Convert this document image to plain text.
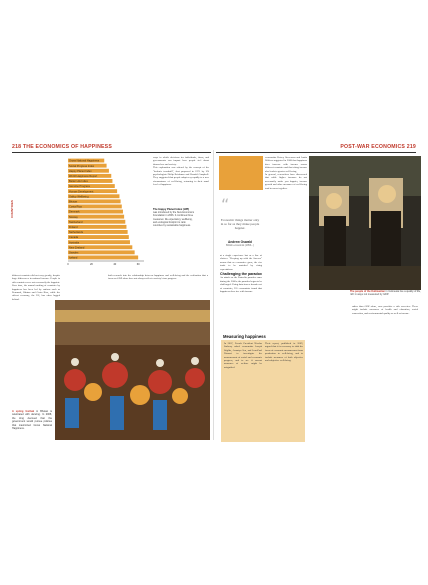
218 THE ECONOMICS OF HAPPINESS	POST-WAR ECONOMICS 219
COUNTRIES
Gross National Happiness
Social Progress Index
Happy Planet Index
World Happiness Report
Better Life Index
Genuine Progress
Human Development
Gallup Wellbeing
Bhutan
Costa Rica
Denmark
Norway
Switzerland
Finland
Netherlands
Canada
Australia
New Zealand
Sweden
Iceland
0	20	40	60
The Happy Planet Index (HPI)
was introduced by the New Economics Foundation in 2006. It combines three measures: life expectancy, wellbeing, and ecological footprint to rank countries by sustainable happiness.
different countries did not vary greatly, despite huge differences in national income. People in rich countries were not necessarily the happiest.
Over time, the annual ranking of countries by happiness has been led by nations such as Denmark, Bhutan and Costa Rica, while the richest economy, the US, has often lagged behind.
ways in which decisions for individuals, firms, and governments can impact how people feel about themselves and society.
This exploration was offered by the concept of the "hedonic treadmill", first proposed in 1971 by US psychologists Philip Brickman and Donald Campbell. They suggested that people adapt very rapidly to a new circumstance of well-being, returning to their usual level of happiness.
both research into the relationship between happiness and well-being and the realization that a focus on GDP alone does not always reflect a society's true progress.
A spring festival in Bhutan is celebrated with dancing. In 2008, the king decreed that the government would pursue policies that maximized Gross National Happiness.
“
Economic things matter only in so far as they make people happier.
Andrew Oswald
British economist (1953– )
at a single experience but as a line of choices. "Keeping up with the Joneses" means that as economies grow, the rise tends to be matched by rising expectations.
Challenging the paradox
An attack on the Easterlin paradox came during the 2000s; the paradox began to be challenged. Using data from a broader set of countries, US economists found that happiness does rise with income.
economists Betsey Stevenson and Justin Wolfers suggested in 2008 that happiness does increase with income across different countries and that rising income also leads to greater well-being.
In general, researchers have discovered that while higher incomes do not necessarily make you happier, income growth and other measures of well-being tend to move together.
The people of the Kalimantan in Indonesia live a quality of life, rich in ways not measured by GDP.
rather than GDP alone, now provides a rich overview. These might include measures of health and education, social connection, and environmental quality as well as income.
Measuring happiness
In 2007, French President Nicolas Sarkozy asked economists Joseph Stiglitz, Amartya Sen, and Jean-Paul Fitoussi to investigate the measurement of social and economic progress, and to see if current measures of welfare might be misguided.
Their report, published in 2009, argued that it is necessary to shift the focus of economic measurement from production to well-being, and to include measures of both objective and subjective well-being.
